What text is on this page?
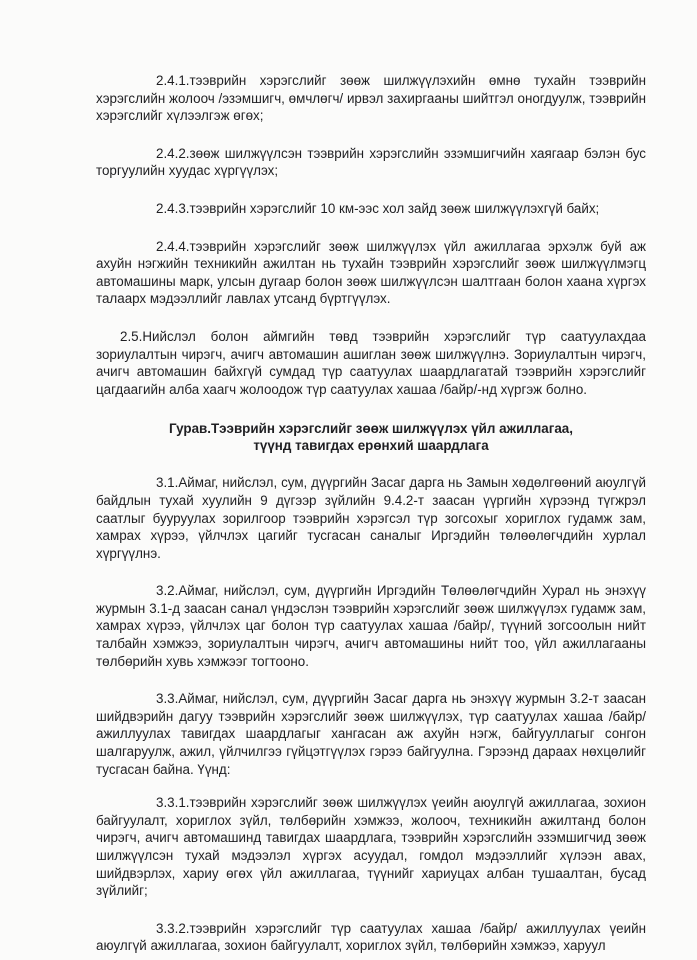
2.4.1.тээврийн хэрэгслийг зөөж шилжүүлэхийн өмнө тухайн тээврийн хэрэгслийн жолооч /эзэмшигч, өмчлөгч/ ирвэл захиргааны шийтгэл оногдуулж, тээврийн хэрэгслийг хүлээлгэж өгөх;

2.4.2.зөөж шилжүүлсэн тээврийн хэрэгслийн эзэмшигчийн хаягаар бэлэн бус торгуулийн хуудас хүргүүлэх;

2.4.3.тээврийн хэрэгслийг 10 км-ээс хол зайд зөөж шилжүүлэхгүй байх;

2.4.4.тээврийн хэрэгслийг зөөж шилжүүлэх үйл ажиллагаа эрхэлж буй аж ахуйн нэгжийн техникийн ажилтан нь тухайн тээврийн хэрэгслийг зөөж шилжүүлмэгц автомашины марк, улсын дугаар болон зөөж шилжүүлсэн шалтгаан болон хаана хүргэх талаарх мэдээллийг лавлах утсанд бүртгүүлэх.

2.5.Нийслэл болон аймгийн төвд тээврийн хэрэгслийг түр саатуулахдаа зориулалтын чирэгч, ачигч автомашин ашиглан зөөж шилжүүлнэ. Зориулалтын чирэгч, ачигч автомашин байхгүй сумдад түр саатуулах шаардлагатай тээврийн хэрэгслийг цагдаагийн алба хаагч жолоодож түр саатуулах хашаа /байр/-нд хүргэж болно.

Гурав.Тээврийн хэрэгслийг зөөж шилжүүлэх үйл ажиллагаа,
түүнд тавигдах ерөнхий шаардлага

3.1.Аймаг, нийслэл, сум, дүүргийн Засаг дарга нь Замын хөдөлгөөний аюулгүй байдлын тухай хуулийн 9 дүгээр зүйлийн 9.4.2-т заасан үүргийн хүрээнд түгжрэл саатлыг бууруулах зорилгоор тээврийн хэрэгсэл түр зогсохыг хориглох гудамж зам, хамрах хүрээ, үйлчлэх цагийг тусгасан саналыг Иргэдийн төлөөлөгчдийн хурлал хүргүүлнэ.

3.2.Аймаг, нийслэл, сум, дүүргийн Иргэдийн Төлөөлөгчдийн Хурал нь энэхүү журмын 3.1-д заасан санал үндэслэн тээврийн хэрэгслийг зөөж шилжүүлэх гудамж зам, хамрах хүрээ, үйлчлэх цаг болон түр саатуулах хашаа /байр/, түүний зогсоолын нийт талбайн хэмжээ, зориулалтын чирэгч, ачигч автомашины нийт тоо, үйл ажиллагааны төлбөрийн хувь хэмжээг тогтооно.

3.3.Аймаг, нийслэл, сум, дүүргийн Засаг дарга нь энэхүү журмын 3.2-т заасан шийдвэрийн дагуу тээврийн хэрэгслийг зөөж шилжүүлэх, түр саатуулах хашаа /байр/ ажиллуулах тавигдах шаардлагыг хангасан аж ахуйн нэгж, байгууллагыг сонгон шалгаруулж, ажил, үйлчилгээ гүйцэтгүүлэх гэрээ байгуулна. Гэрээнд дараах нөхцөлийг тусгасан байна. Үүнд:

3.3.1.тээврийн хэрэгслийг зөөж шилжүүлэх үеийн аюулгүй ажиллагаа, зохион байгуулалт, хориглох зүйл, төлбөрийн хэмжээ, жолооч, техникийн ажилтанд болон чирэгч, ачигч автомашинд тавигдах шаардлага, тээврийн хэрэгслийн эзэмшигчид зөөж шилжүүлсэн тухай мэдээлэл хүргэх асуудал, гомдол мэдээллийг хүлээн авах, шийдвэрлэх, хариу өгөх үйл ажиллагаа, түүнийг хариуцах албан тушаалтан, бусад зүйлийг;

3.3.2.тээврийн хэрэгслийг түр саатуулах хашаа /байр/ ажиллуулах үеийн аюулгүй ажиллагаа, зохион байгуулалт, хориглох зүйл, төлбөрийн хэмжээ, харуул
